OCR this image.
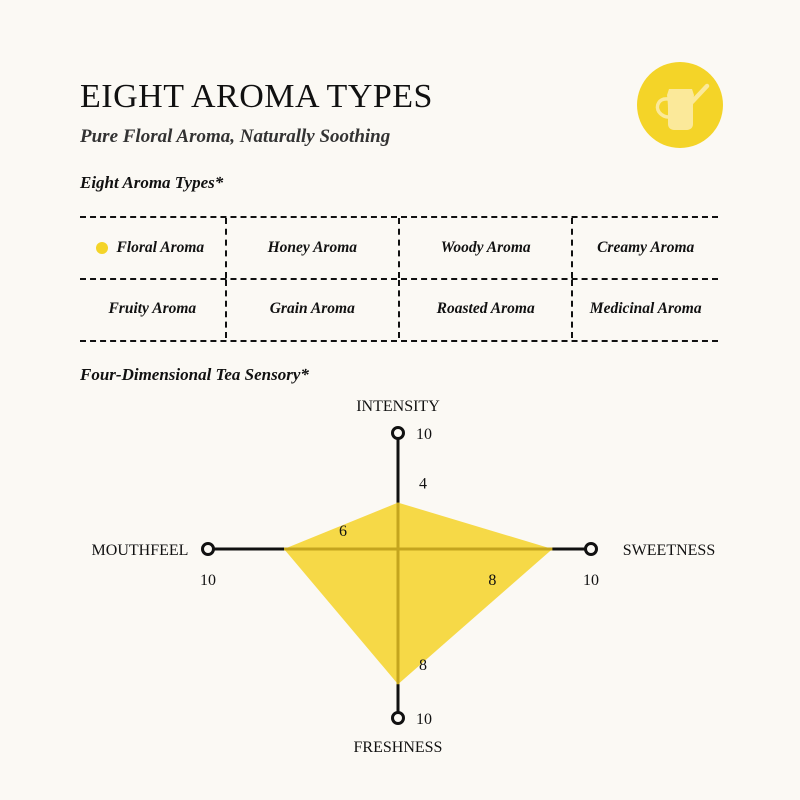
EIGHT AROMA TYPES
Pure Floral Aroma, Naturally Soothing
Eight Aroma Types*
Floral Aroma	Honey Aroma	Woody Aroma	Creamy Aroma
Fruity Aroma	Grain Aroma	Roasted Aroma	Medicinal Aroma
Four-Dimensional Tea Sensory*
INTENSITY
10
4
SWEETNESS
10
8
FRESHNESS
10
8
MOUTHFEEL
10
6
